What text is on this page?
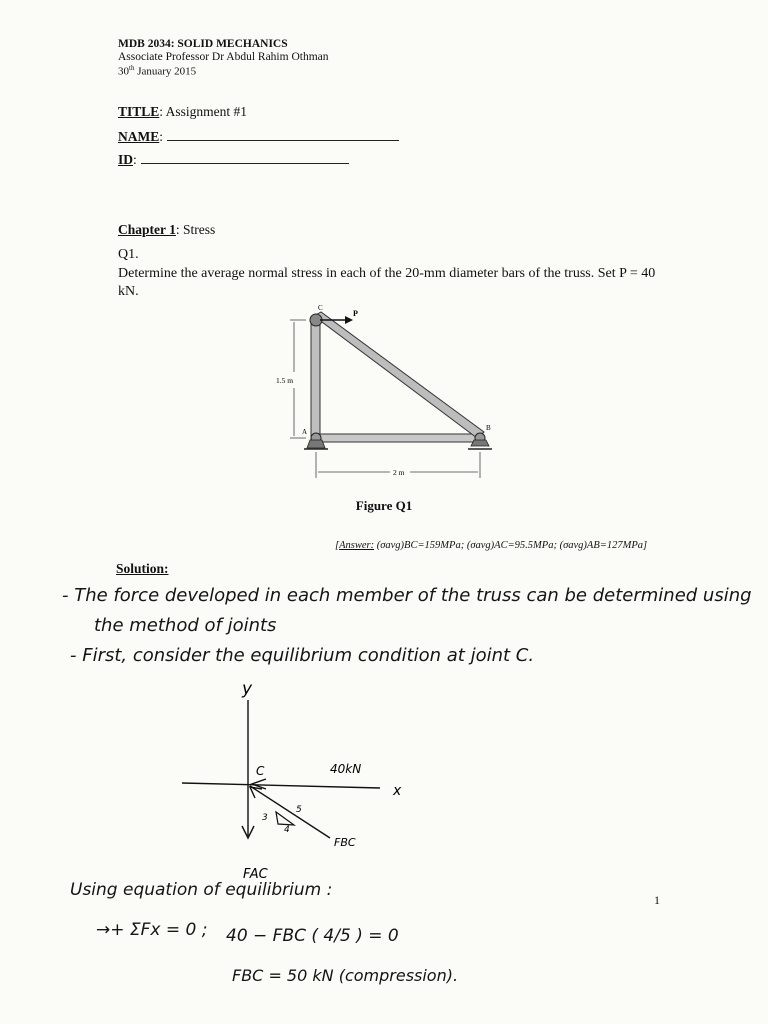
MDB 2034: SOLID MECHANICS
Associate Professor Dr Abdul Rahim Othman
30th January 2015
TITLE: Assignment #1
NAME:
ID:
Chapter 1: Stress
Q1.
Determine the average normal stress in each of the 20-mm diameter bars of the truss. Set P = 40 kN.
P
C
A	B
1.5 m
2 m
y
x
C	40kN
3
4
5
FBC
FAC
Figure Q1
[Answer: (σavg)BC=159MPa; (σavg)AC=95.5MPa; (σavg)AB=127MPa]
Solution:
- The force developed in each member of the truss can be determined using
the method of joints
- First, consider the equilibrium condition at joint C.
Using equation of equilibrium :
→+ ΣFx = 0 ; 40 − FBC ( 4/5 ) = 0
FBC = 50 kN (compression).
1
